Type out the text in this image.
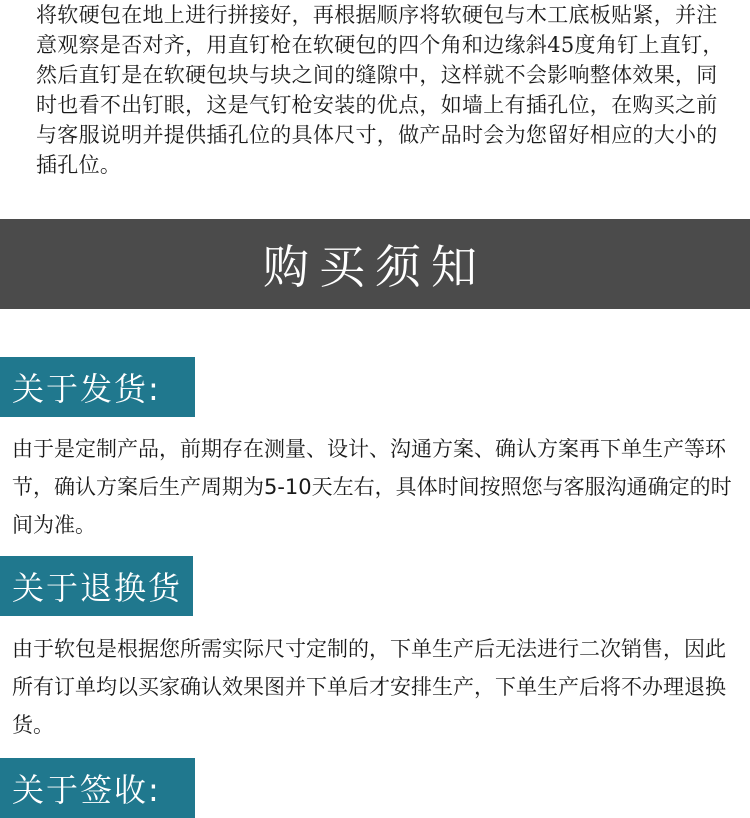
将软硬包在地上进行拼接好，再根据顺序将软硬包与木工底板贴紧，并注意观察是否对齐，用直钉枪在软硬包的四个角和边缘斜45度角钉上直钉，然后直钉是在软硬包块与块之间的缝隙中，这样就不会影响整体效果，同时也看不出钉眼，这是气钉枪安装的优点，如墙上有插孔位，在购买之前与客服说明并提供插孔位的具体尺寸，做产品时会为您留好相应的大小的插孔位。

购买须知
关于发货:

由于是定制产品，前期存在测量、设计、沟通方案、确认方案再下单生产等环节，确认方案后生产周期为5-10天左右，具体时间按照您与客服沟通确定的时间为准。

关于退换货

由于软包是根据您所需实际尺寸定制的，下单生产后无法进行二次销售，因此所有订单均以买家确认效果图并下单后才安排生产，下单生产后将不办理退换货。

关于签收:
